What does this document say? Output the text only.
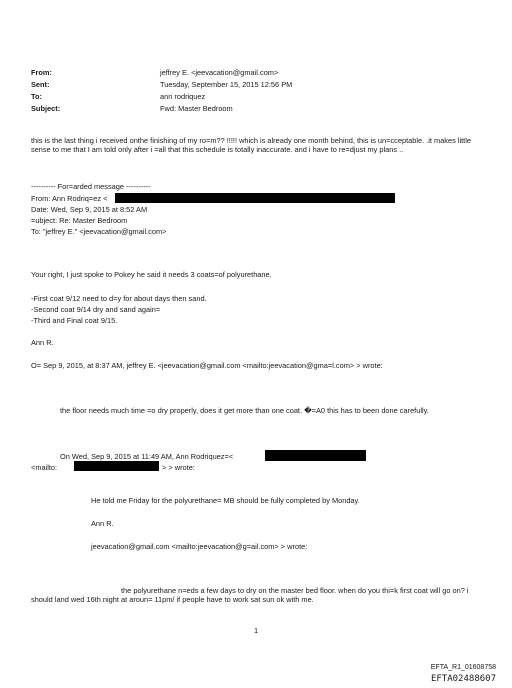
From:	jeffrey E. <jeevacation@gmail.com>
Sent:	Tuesday, September 15, 2015 12:56 PM
To:	ann rodriquez
Subject:	Fwd: Master Bedroom
this is the last thing i received onthe finishing of my ro=m?? !!!!! which is already one month behind, this is un=cceptable. .it makes little sense to me that I am told only after i =all that this schedule is totally inaccurate. and i have to re=djust my plans ..
---------- For=arded message ----------
From: Ann Rodriq=ez <
Date: Wed, Sep 9, 2015 at 8:52 AM
=ubject: Re: Master Bedroom
To: "jeffrey E." <jeevacation@gmail.com>
Your right, I just spoke to Pokey he said it needs 3 coats=of polyurethane.
-First coat 9/12 need to d=y for about days then sand.
-Second coat 9/14 dry and sand again=
-Third and Final coat 9/15.
Ann R.
O= Sep 9, 2015, at 8:37 AM, jeffrey E. <jeevacation@gmail.com <mailto:jeevacation@gma=l.com> > wrote:
the floor needs much time =o dry properly, does it get more than one coat. �=A0 this has to been done carefully.
On Wed, Sep 9, 2015 at 11:49 AM, Ann Rodriquez=<
<mailto:	> > wrote:
He told me Friday for the polyurethane= MB should be fully completed by Monday.
Ann R.
jeevacation@gmail.com <mailto:jeevacation@g=ail.com> > wrote:
the polyurethane n=eds a few days to dry on the master bed floor. when do you thi=k first coat will go on? i should land wed 16th night at aroun= 11pm/ if people have to work sat sun ok with me.
1
EFTA_R1_01608758
EFTA02488607
